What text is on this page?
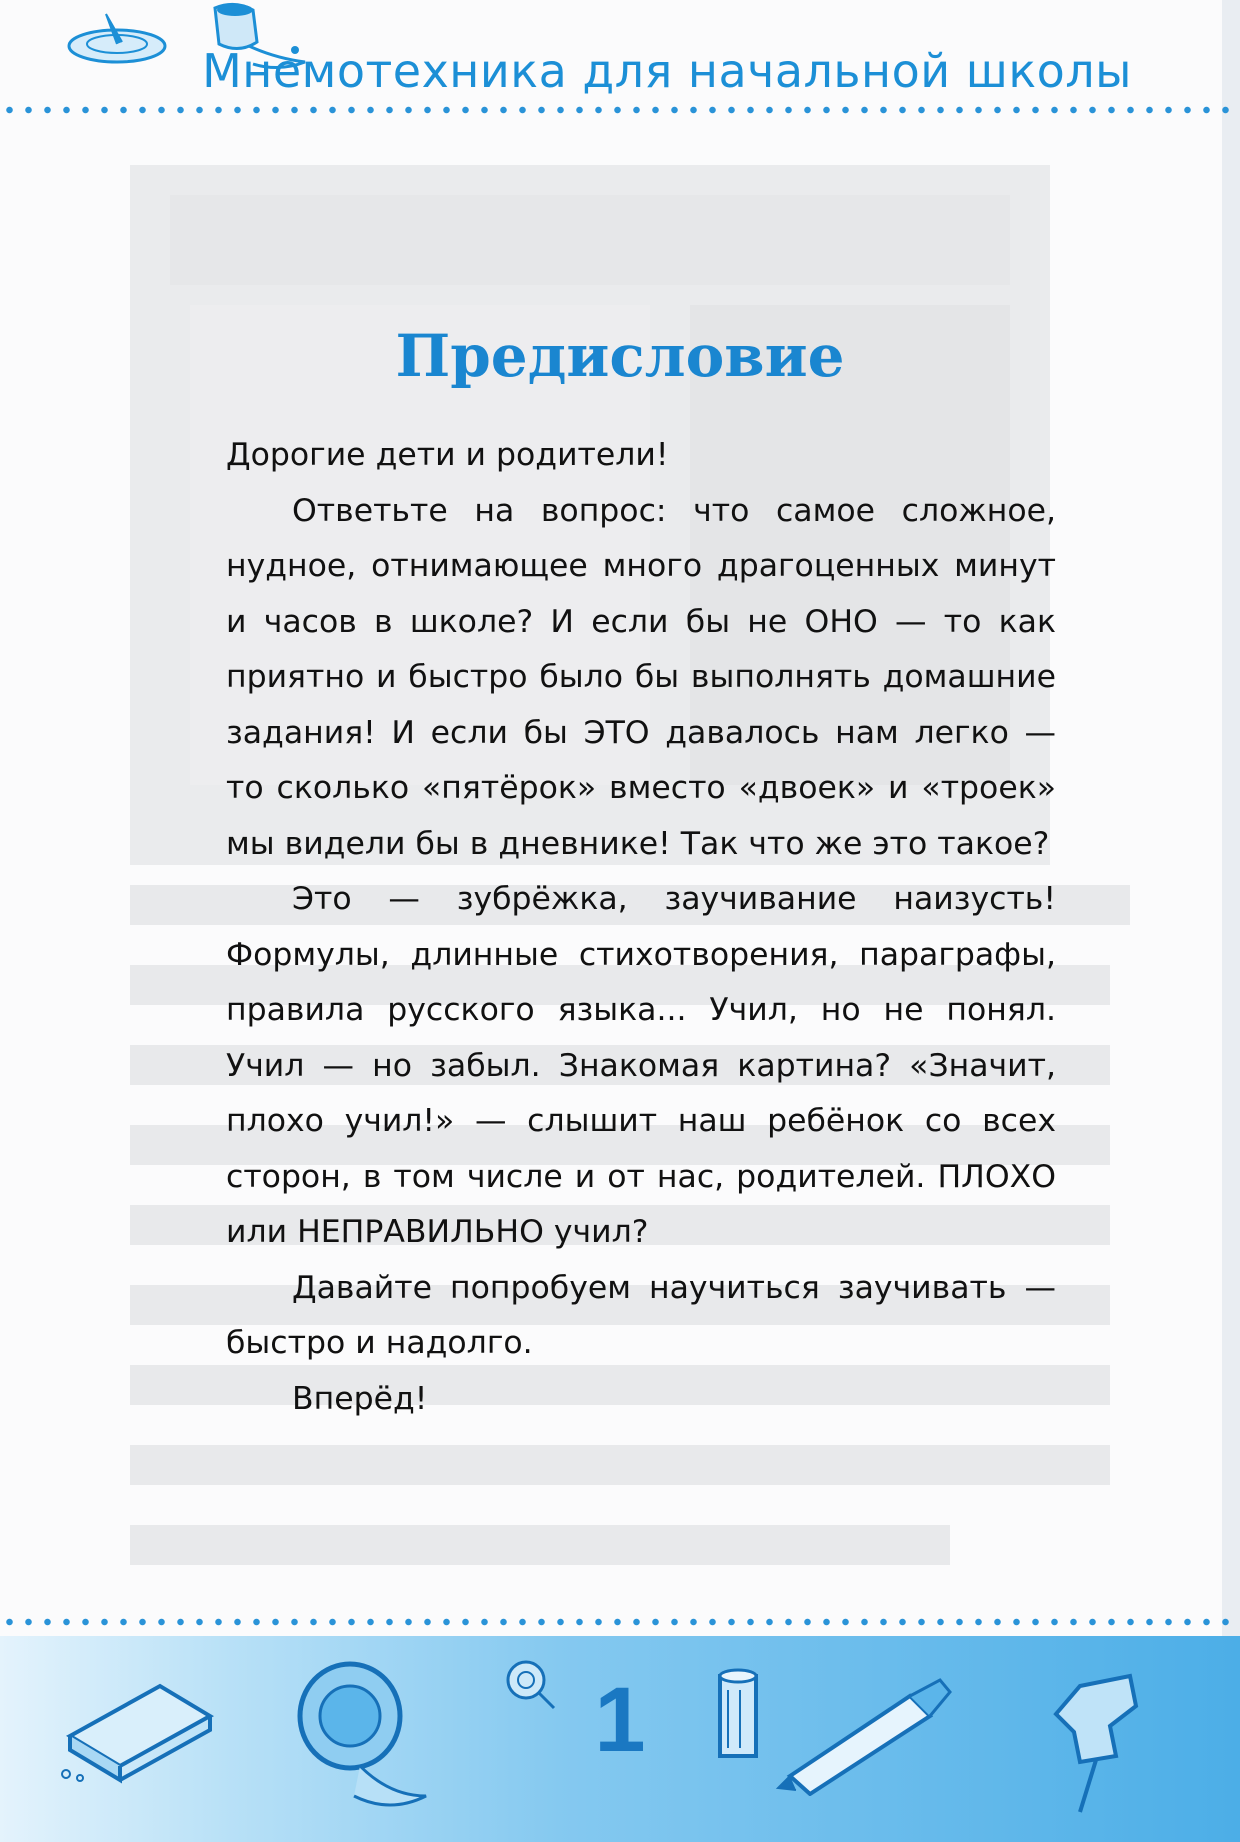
Мнемотехника для начальной школы
Предисловие

Дорогие дети и родители!

Ответьте на вопрос: что самое сложное, нудное, отнимающее много драгоценных минут и часов в школе? И если бы не ОНО — то как приятно и быстро было бы выполнять домашние задания! И если бы ЭТО давалось нам легко — то сколько «пятёрок» вместо «двоек» и «троек» мы видели бы в дневнике! Так что же это такое?

Это — зубрёжка, заучивание наизусть! Формулы, длинные стихотворения, параграфы, правила русского языка... Учил, но не понял. Учил — но забыл. Знакомая картина? «Значит, плохо учил!» — слышит наш ребёнок со всех сторон, в том числе и от нас, родителей. ПЛОХО или НЕПРАВИЛЬНО учил?

Давайте попробуем научиться заучивать — быстро и надолго.

Вперёд!

1
